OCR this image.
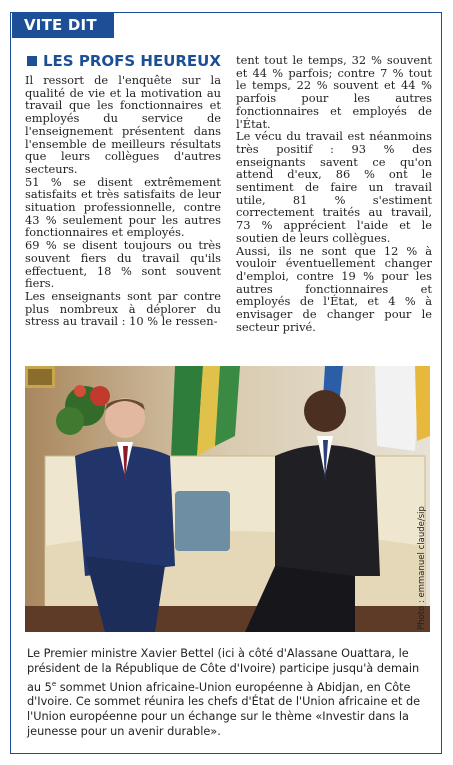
VITE DIT
LES PROFS HEUREUX

Il ressort de l'enquête sur la qualité de vie et la motivation au travail que les fonctionnaires et employés du service de l'enseignement présentent dans l'ensemble de meilleurs résultats que leurs collègues d'autres secteurs.

51 % se disent extrêmement satisfaits et très satisfaits de leur situation professionnelle, contre 43 % seulement pour les autres fonctionnaires et employés.

69 % se disent toujours ou très souvent fiers du travail qu'ils effectuent, 18 % sont souvent fiers.

Les enseignants sont par contre plus nombreux à déplorer du stress au travail : 10 % le ressen-

tent tout le temps, 32 % souvent et 44 % parfois; contre 7 % tout le temps, 22 % souvent et 44 % parfois pour les autres fonctionnaires et employés de l'État.

Le vécu du travail est néanmoins très positif : 93 % des enseignants savent ce qu'on attend d'eux, 86 % ont le sentiment de faire un travail utile, 81 % s'estiment correctement traités au travail, 73 % apprécient l'aide et le soutien de leurs collègues.

Aussi, ils ne sont que 12 % à vouloir éventuellement changer d'emploi, contre 19 % pour les autres fonctionnaires et employés de l'État, et 4 % à envisager de changer pour le secteur privé.

Photo : emmanuel claude/sip
Le Premier ministre Xavier Bettel (ici à côté d'Alassane Ouattara, le président de la République de Côte d'Ivoire) participe jusqu'à demain au 5e sommet Union africaine-Union européenne à Abidjan, en Côte d'Ivoire. Ce sommet réunira les chefs d'État de l'Union africaine et de l'Union européenne pour un échange sur le thème «Investir dans la jeunesse pour un avenir durable».
